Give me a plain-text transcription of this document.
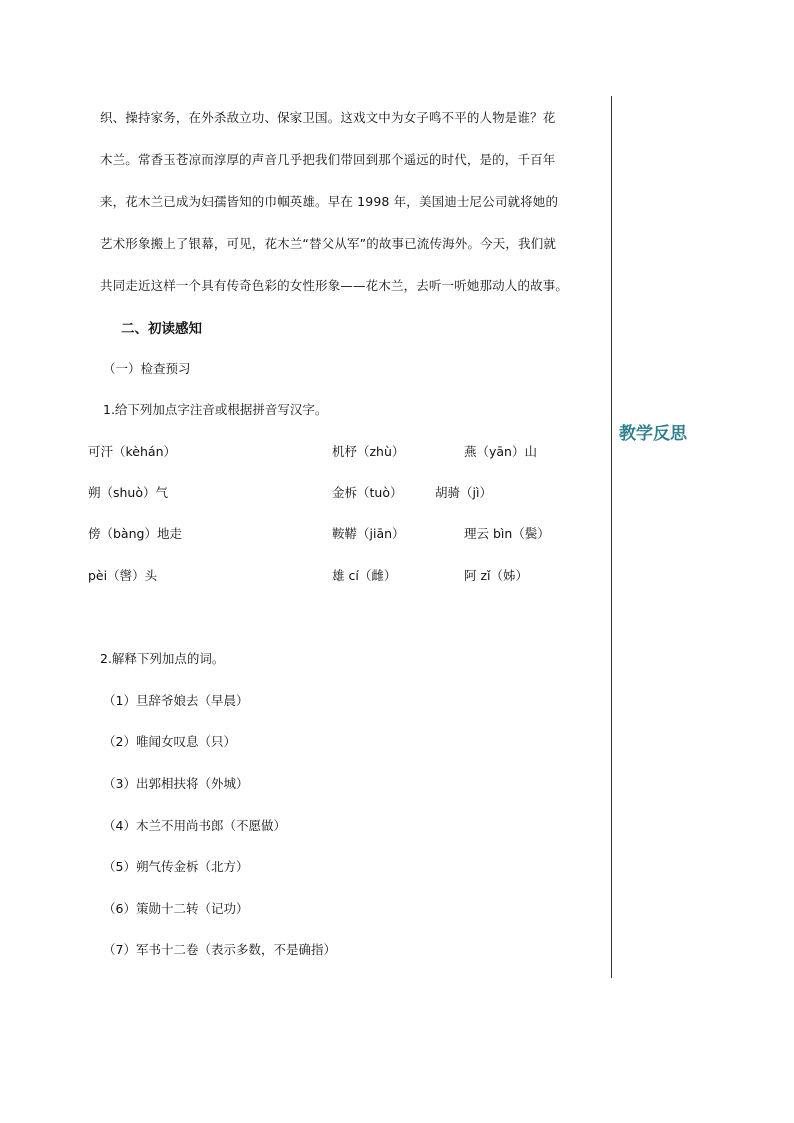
织、操持家务，在外杀敌立功、保家卫国。这戏文中为女子鸣不平的人物是谁？花
木兰。常香玉苍凉而淳厚的声音几乎把我们带回到那个遥远的时代，是的，千百年
来，花木兰已成为妇孺皆知的巾帼英雄。早在 1998 年，美国迪士尼公司就将她的
艺术形象搬上了银幕，可见，花木兰“替父从军”的故事已流传海外。今天，我们就
共同走近这样一个具有传奇色彩的女性形象——花木兰，去听一听她那动人的故事。
二、初读感知
（一）检查预习
1.给下列加点字注音或根据拼音写汉字。
可汗（kèhán）	机杼（zhù）	燕（yān）山
朔（shuò）气	金柝（tuò）	胡骑（jì）
傍（bàng）地走	鞍鞯（jiān）	理云 bìn（鬓）
pèi（辔）头	雄 cí（雌）	阿 zǐ（姊）
2.解释下列加点的词。
（1）旦辞爷娘去（早晨）
（2）唯闻女叹息（只）
（3）出郭相扶将（外城）
（4）木兰不用尚书郎（不愿做）
（5）朔气传金柝（北方）
（6）策勋十二转（记功）
（7）军书十二卷（表示多数，不是确指）
教学反思
